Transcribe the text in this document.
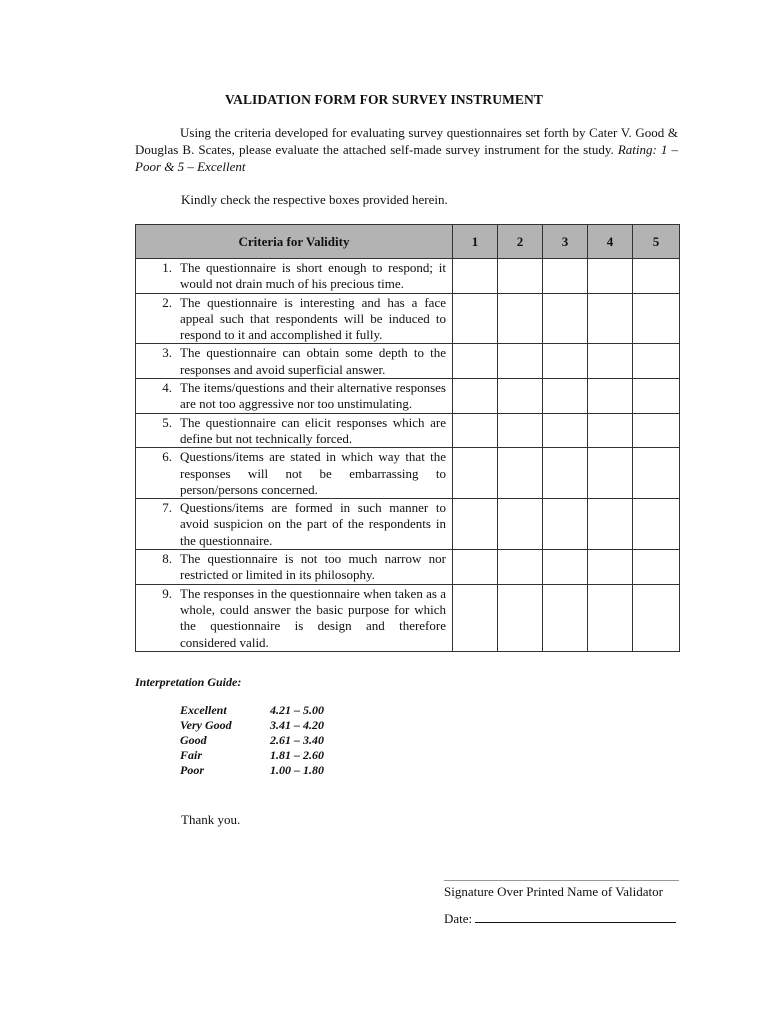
VALIDATION FORM FOR SURVEY INSTRUMENT

Using the criteria developed for evaluating survey questionnaires set forth by Cater V. Good & Douglas B. Scates, please evaluate the attached self-made survey instrument for the study. Rating: 1 – Poor & 5 – Excellent

Kindly check the respective boxes provided herein.
Criteria for Validity	1	2	3	4	5

1. The questionnaire is short enough to respond; it would not drain much of his precious time.					

2. The questionnaire is interesting and has a face appeal such that respondents will be induced to respond to it and accomplished it fully.					

3. The questionnaire can obtain some depth to the responses and avoid superficial answer.					

4. The items/questions and their alternative responses are not too aggressive nor too unstimulating.					

5. The questionnaire can elicit responses which are define but not technically forced.					

6. Questions/items are stated in which way that the responses will not be embarrassing to person/persons concerned.					

7. Questions/items are formed in such manner to avoid suspicion on the part of the respondents in the questionnaire.					

8. The questionnaire is not too much narrow nor restricted or limited in its philosophy.					

9. The responses in the questionnaire when taken as a whole, could answer the basic purpose for which the questionnaire is design and therefore considered valid.					

Interpretation Guide:
Excellent	4.21 – 5.00
Very Good	3.41 – 4.20
Good	2.61 – 3.40
Fair	1.81 – 2.60
Poor	1.00 – 1.80
Thank you.
Signature Over Printed Name of Validator
Date:
